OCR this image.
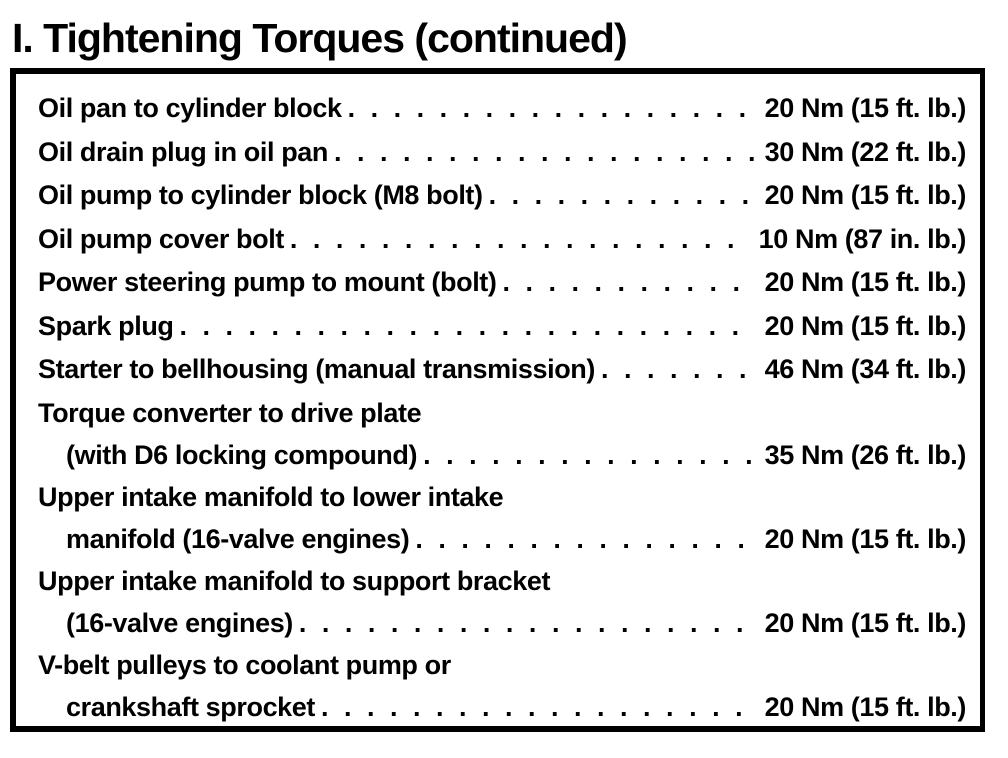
I. Tightening Torques (continued)
Oil pan to cylinder block . . .	20 Nm (15 ft. lb.)
Oil drain plug in oil pan . . .	30 Nm (22 ft. lb.)
Oil pump to cylinder block (M8 bolt) . . .	20 Nm (15 ft. lb.)
Oil pump cover bolt . . .	10 Nm (87 in. lb.)
Power steering pump to mount (bolt) . . .	20 Nm (15 ft. lb.)
Spark plug . . .	20 Nm (15 ft. lb.)
Starter to bellhousing (manual transmission) . . .	46 Nm (34 ft. lb.)
Torque converter to drive plate
(with D6 locking compound) . . .	35 Nm (26 ft. lb.)
Upper intake manifold to lower intake
manifold (16-valve engines) . . .	20 Nm (15 ft. lb.)
Upper intake manifold to support bracket
(16-valve engines) . . .	20 Nm (15 ft. lb.)
V-belt pulleys to coolant pump or
crankshaft sprocket . . .	20 Nm (15 ft. lb.)
